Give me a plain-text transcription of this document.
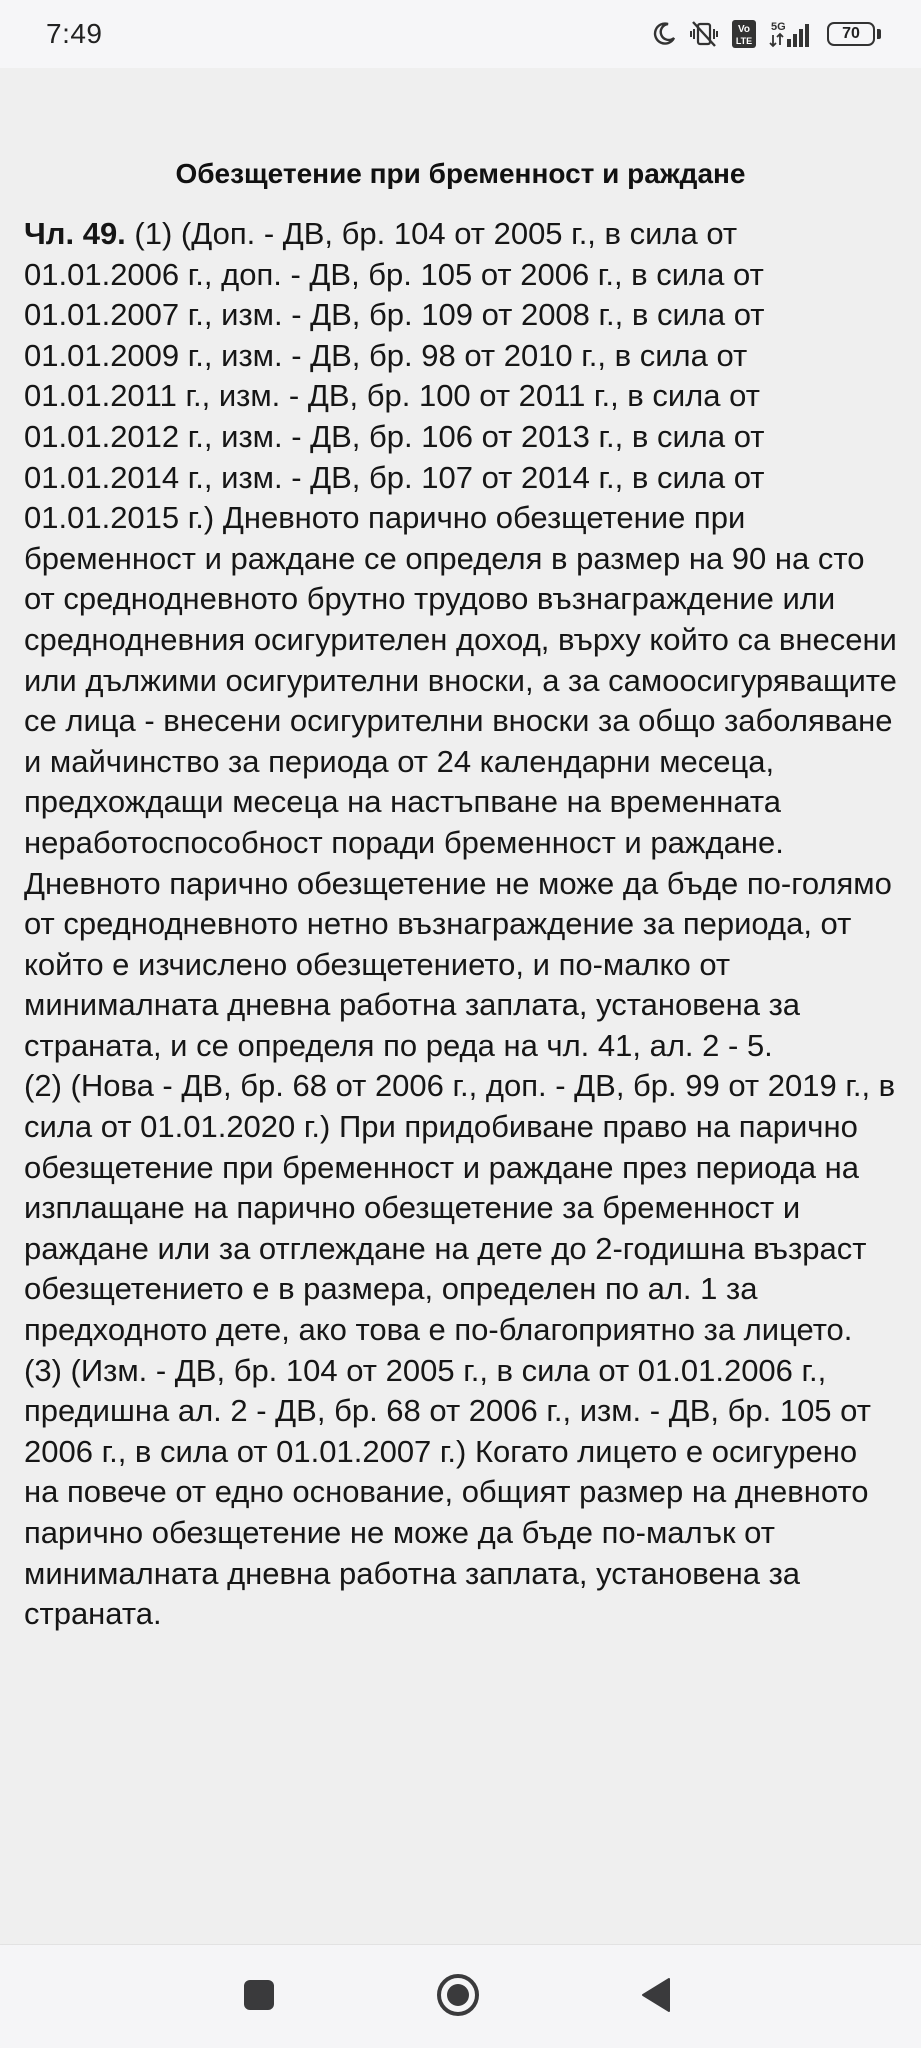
7:49	Vo
LTE
5G	70
Обезщетение при бременност и раждане

Чл. 49. (1) (Доп. - ДВ, бр. 104 от 2005 г., в сила от 01.01.2006 г., доп. - ДВ, бр. 105 от 2006 г., в сила от 01.01.2007 г., изм. - ДВ, бр. 109 от 2008 г., в сила от 01.01.2009 г., изм. - ДВ, бр. 98 от 2010 г., в сила от 01.01.2011 г., изм. - ДВ, бр. 100 от 2011 г., в сила от 01.01.2012 г., изм. - ДВ, бр. 106 от 2013 г., в сила от 01.01.2014 г., изм. - ДВ, бр. 107 от 2014 г., в сила от 01.01.2015 г.) Дневното парично обезщетение при бременност и раждане се определя в размер на 90 на сто от среднодневното брутно трудово възнаграждение или среднодневния осигурителен доход, върху който са внесени или дължими осигурителни вноски, а за самоосигуряващите се лица - внесени осигурителни вноски за общо заболяване и майчинство за периода от 24 календарни месеца, предхождащи месеца на настъпване на временната неработоспособност поради бременност и раждане. Дневното парично обезщетение не може да бъде по-голямо от среднодневното нетно възнаграждение за периода, от който е изчислено обезщетението, и по-малко от минималната дневна работна заплата, установена за страната, и се определя по реда на чл. 41, ал. 2 - 5.

(2) (Нова - ДВ, бр. 68 от 2006 г., доп. - ДВ, бр. 99 от 2019 г., в сила от 01.01.2020 г.) При придобиване право на парично обезщетение при бременност и раждане през периода на изплащане на парично обезщетение за бременност и раждане или за отглеждане на дете до 2-годишна възраст обезщетението е в размера, определен по ал. 1 за предходното дете, ако това е по-благоприятно за лицето.

(3) (Изм. - ДВ, бр. 104 от 2005 г., в сила от 01.01.2006 г., предишна ал. 2 - ДВ, бр. 68 от 2006 г., изм. - ДВ, бр. 105 от 2006 г., в сила от 01.01.2007 г.) Когато лицето е осигурено на повече от едно основание, общият размер на дневното парично обезщетение не може да бъде по-малък от минималната дневна работна заплата, установена за страната.
